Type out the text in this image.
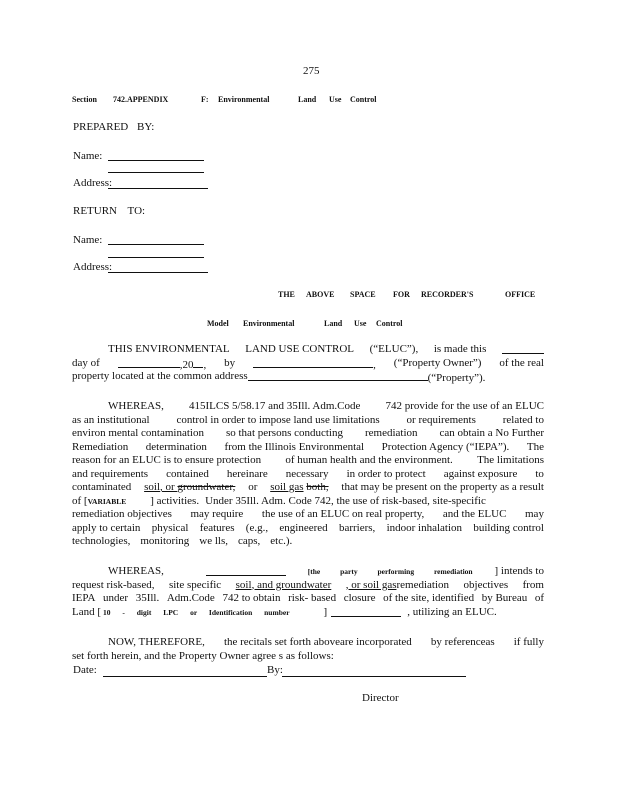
275
Section 742.APPENDIX	F: Environmental	Land Use Control
PREPARED BY:
Name:
Address:
RETURN TO:
Name:
Address:
THE ABOVE SPACE FOR RECORDER'S	OFFICE
Model Environmental	Land Use Control
THIS ENVIRONMENTAL LAND USE CONTROL (“ELUC”), is made this
day of	,20 , by	, (“Property Owner”) of the real
property located at the common address	(“Property”).
WHEREAS, 415ILCS 5/58.17 and 35Ill. Adm.Code 742 provide for the use of an ELUC
as an institutional control in order to impose land use limitations or requirements related to
environ mental contamination so that persons conducting remediation can obtain a No Further
Remediation determination from the Illinois Environmental Protection Agency (“IEPA”). The
reason for an ELUC is to ensure protection of human health and the environment. The limitations
and requirements contained hereinare necessary in order to protect against exposure to
contaminated soil, or groundwater, or soil gas both, that may be present on the property as a result
of [VARIABLE ] activities. Under 35Ill. Adm. Code 742, the use of risk-based, site-specific
remediation objectives may require the use of an ELUC on real property, and the ELUC may
apply to certain physical features (e.g., engineered barriers, indoor inhalation building control
technologies, monitoring we lls, caps, etc.).
WHEREAS,	[the party performing remediation ] intends to
request risk-based, site specific soil, and groundwater , or soil gasremediation objectives from
IEPA under 35Ill. Adm.Code 742 to obtain risk- based closure of the site, identified by Bureau of
Land [ 10 - digit LPC or Identification number	]	, utilizing an ELUC.
NOW, THEREFORE, the recitals set forth aboveare incorporated by referenceas if fully
set forth herein, and the Property Owner agree s as follows:
Date:	By:
Director
